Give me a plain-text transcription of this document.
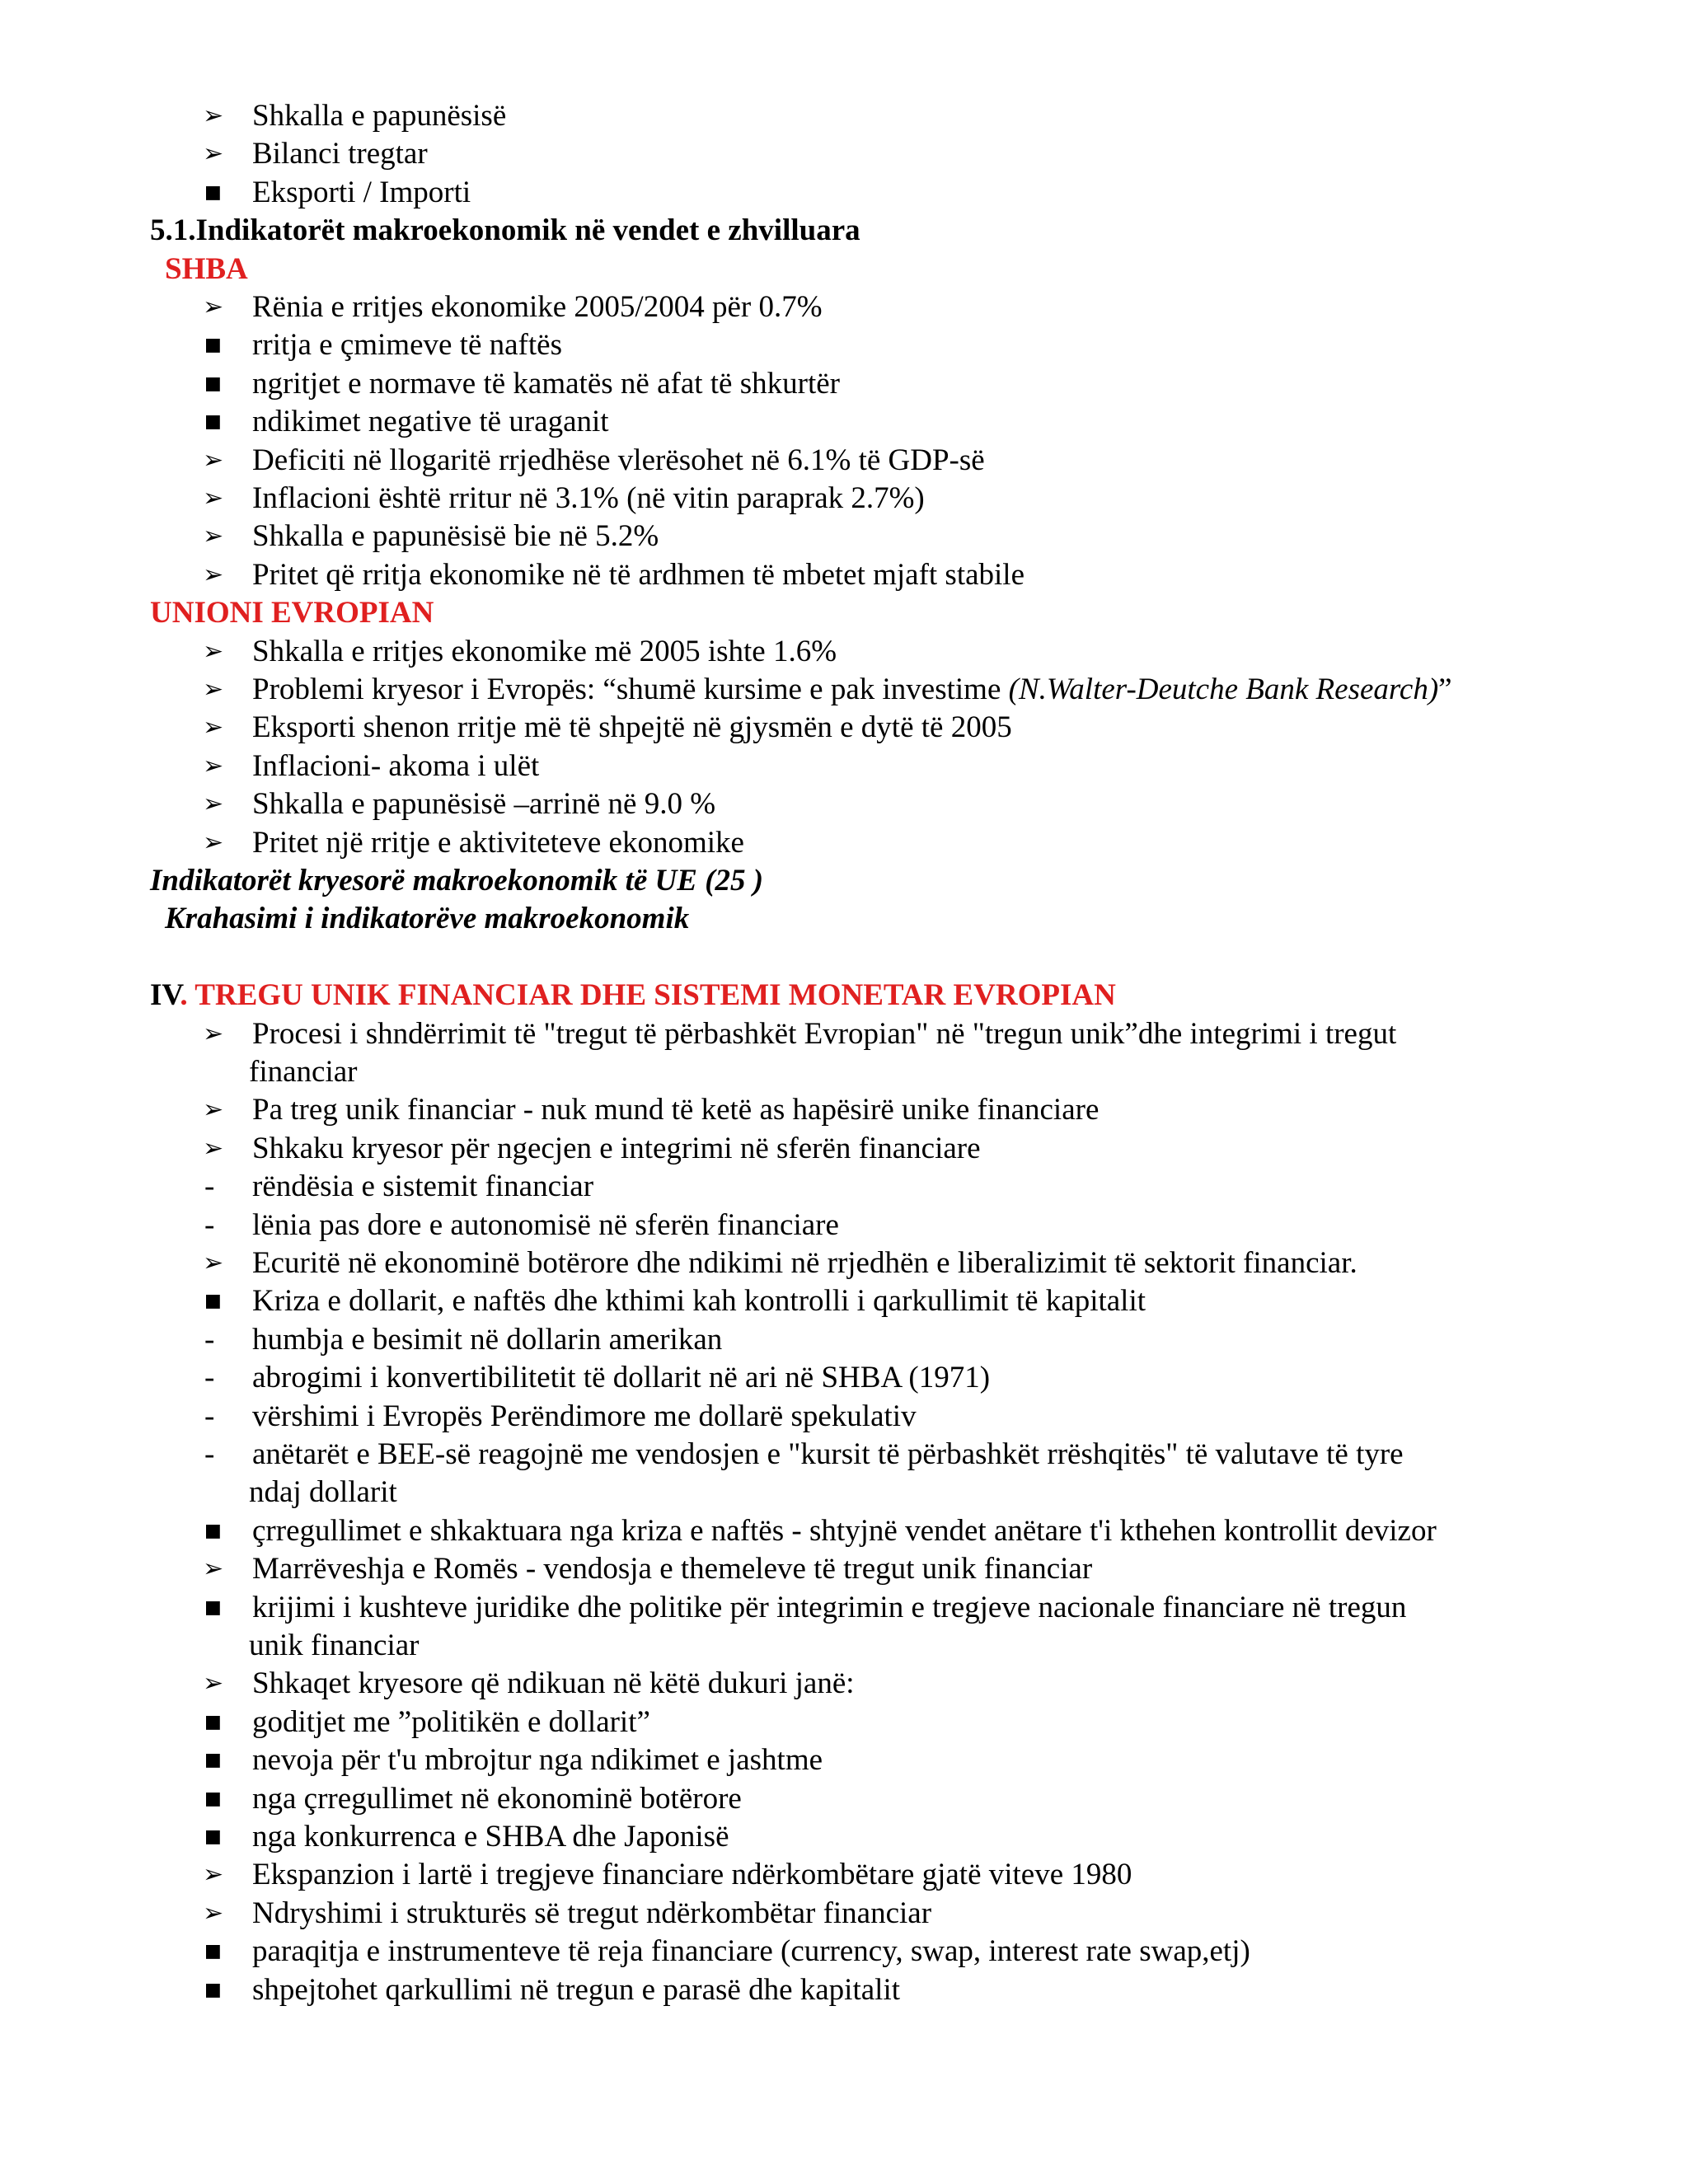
➢ Shkalla e papunësisë
➢ Bilanci tregtar
■ Eksporti / Importi
5.1.Indikatorët makroekonomik në vendet e zhvilluara
SHBA
➢ Rënia e rritjes ekonomike 2005/2004 për 0.7%
■ rritja e çmimeve të naftës
■ ngritjet e normave të kamatës në afat të shkurtër
■ ndikimet negative të uraganit
➢ Deficiti në llogaritë rrjedhëse vlerësohet në 6.1% të GDP-së
➢ Inflacioni është rritur në 3.1% (në vitin paraprak 2.7%)
➢ Shkalla e papunësisë bie në 5.2%
➢ Pritet që rritja ekonomike në të ardhmen të mbetet mjaft stabile
UNIONI EVROPIAN
➢ Shkalla e rritjes ekonomike më 2005 ishte 1.6%
➢ Problemi kryesor i Evropës: “shumë kursime e pak investime (N.Walter-Deutche Bank Research)”
➢ Eksporti shenon rritje më të shpejtë në gjysmën e dytë të 2005
➢ Inflacioni- akoma i ulët
➢ Shkalla e papunësisë –arrinë në 9.0 %
➢ Pritet një rritje e aktiviteteve ekonomike
Indikatorët kryesorë makroekonomik të UE (25 )
Krahasimi i indikatorëve makroekonomik
IV. TREGU UNIK FINANCIAR DHE SISTEMI MONETAR EVROPIAN
➢ Procesi i shndërrimit të "tregut të përbashkët Evropian" në "tregun unik”dhe integrimi i tregut
financiar
➢ Pa treg unik financiar - nuk mund të ketë as hapësirë unike financiare
➢ Shkaku kryesor për ngecjen e integrimi në sferën financiare
- rëndësia e sistemit financiar
- lënia pas dore e autonomisë në sferën financiare
➢ Ecuritë në ekonominë botërore dhe ndikimi në rrjedhën e liberalizimit të sektorit financiar.
■ Kriza e dollarit, e naftës dhe kthimi kah kontrolli i qarkullimit të kapitalit
- humbja e besimit në dollarin amerikan
- abrogimi i konvertibilitetit të dollarit në ari në SHBA (1971)
- vërshimi i Evropës Perëndimore me dollarë spekulativ
- anëtarët e BEE-së reagojnë me vendosjen e "kursit të përbashkët rrëshqitës" të valutave të tyre
ndaj dollarit
■ çrregullimet e shkaktuara nga kriza e naftës - shtyjnë vendet anëtare t'i kthehen kontrollit devizor
➢ Marrëveshja e Romës - vendosja e themeleve të tregut unik financiar
■ krijimi i kushteve juridike dhe politike për integrimin e tregjeve nacionale financiare në tregun
unik financiar
➢ Shkaqet kryesore që ndikuan në këtë dukuri janë:
■ goditjet me ”politikën e dollarit”
■ nevoja për t'u mbrojtur nga ndikimet e jashtme
■ nga çrregullimet në ekonominë botërore
■ nga konkurrenca e SHBA dhe Japonisë
➢ Ekspanzion i lartë i tregjeve financiare ndërkombëtare gjatë viteve 1980
➢ Ndryshimi i strukturës së tregut ndërkombëtar financiar
■ paraqitja e instrumenteve të reja financiare (currency, swap, interest rate swap,etj)
■ shpejtohet qarkullimi në tregun e parasë dhe kapitalit
